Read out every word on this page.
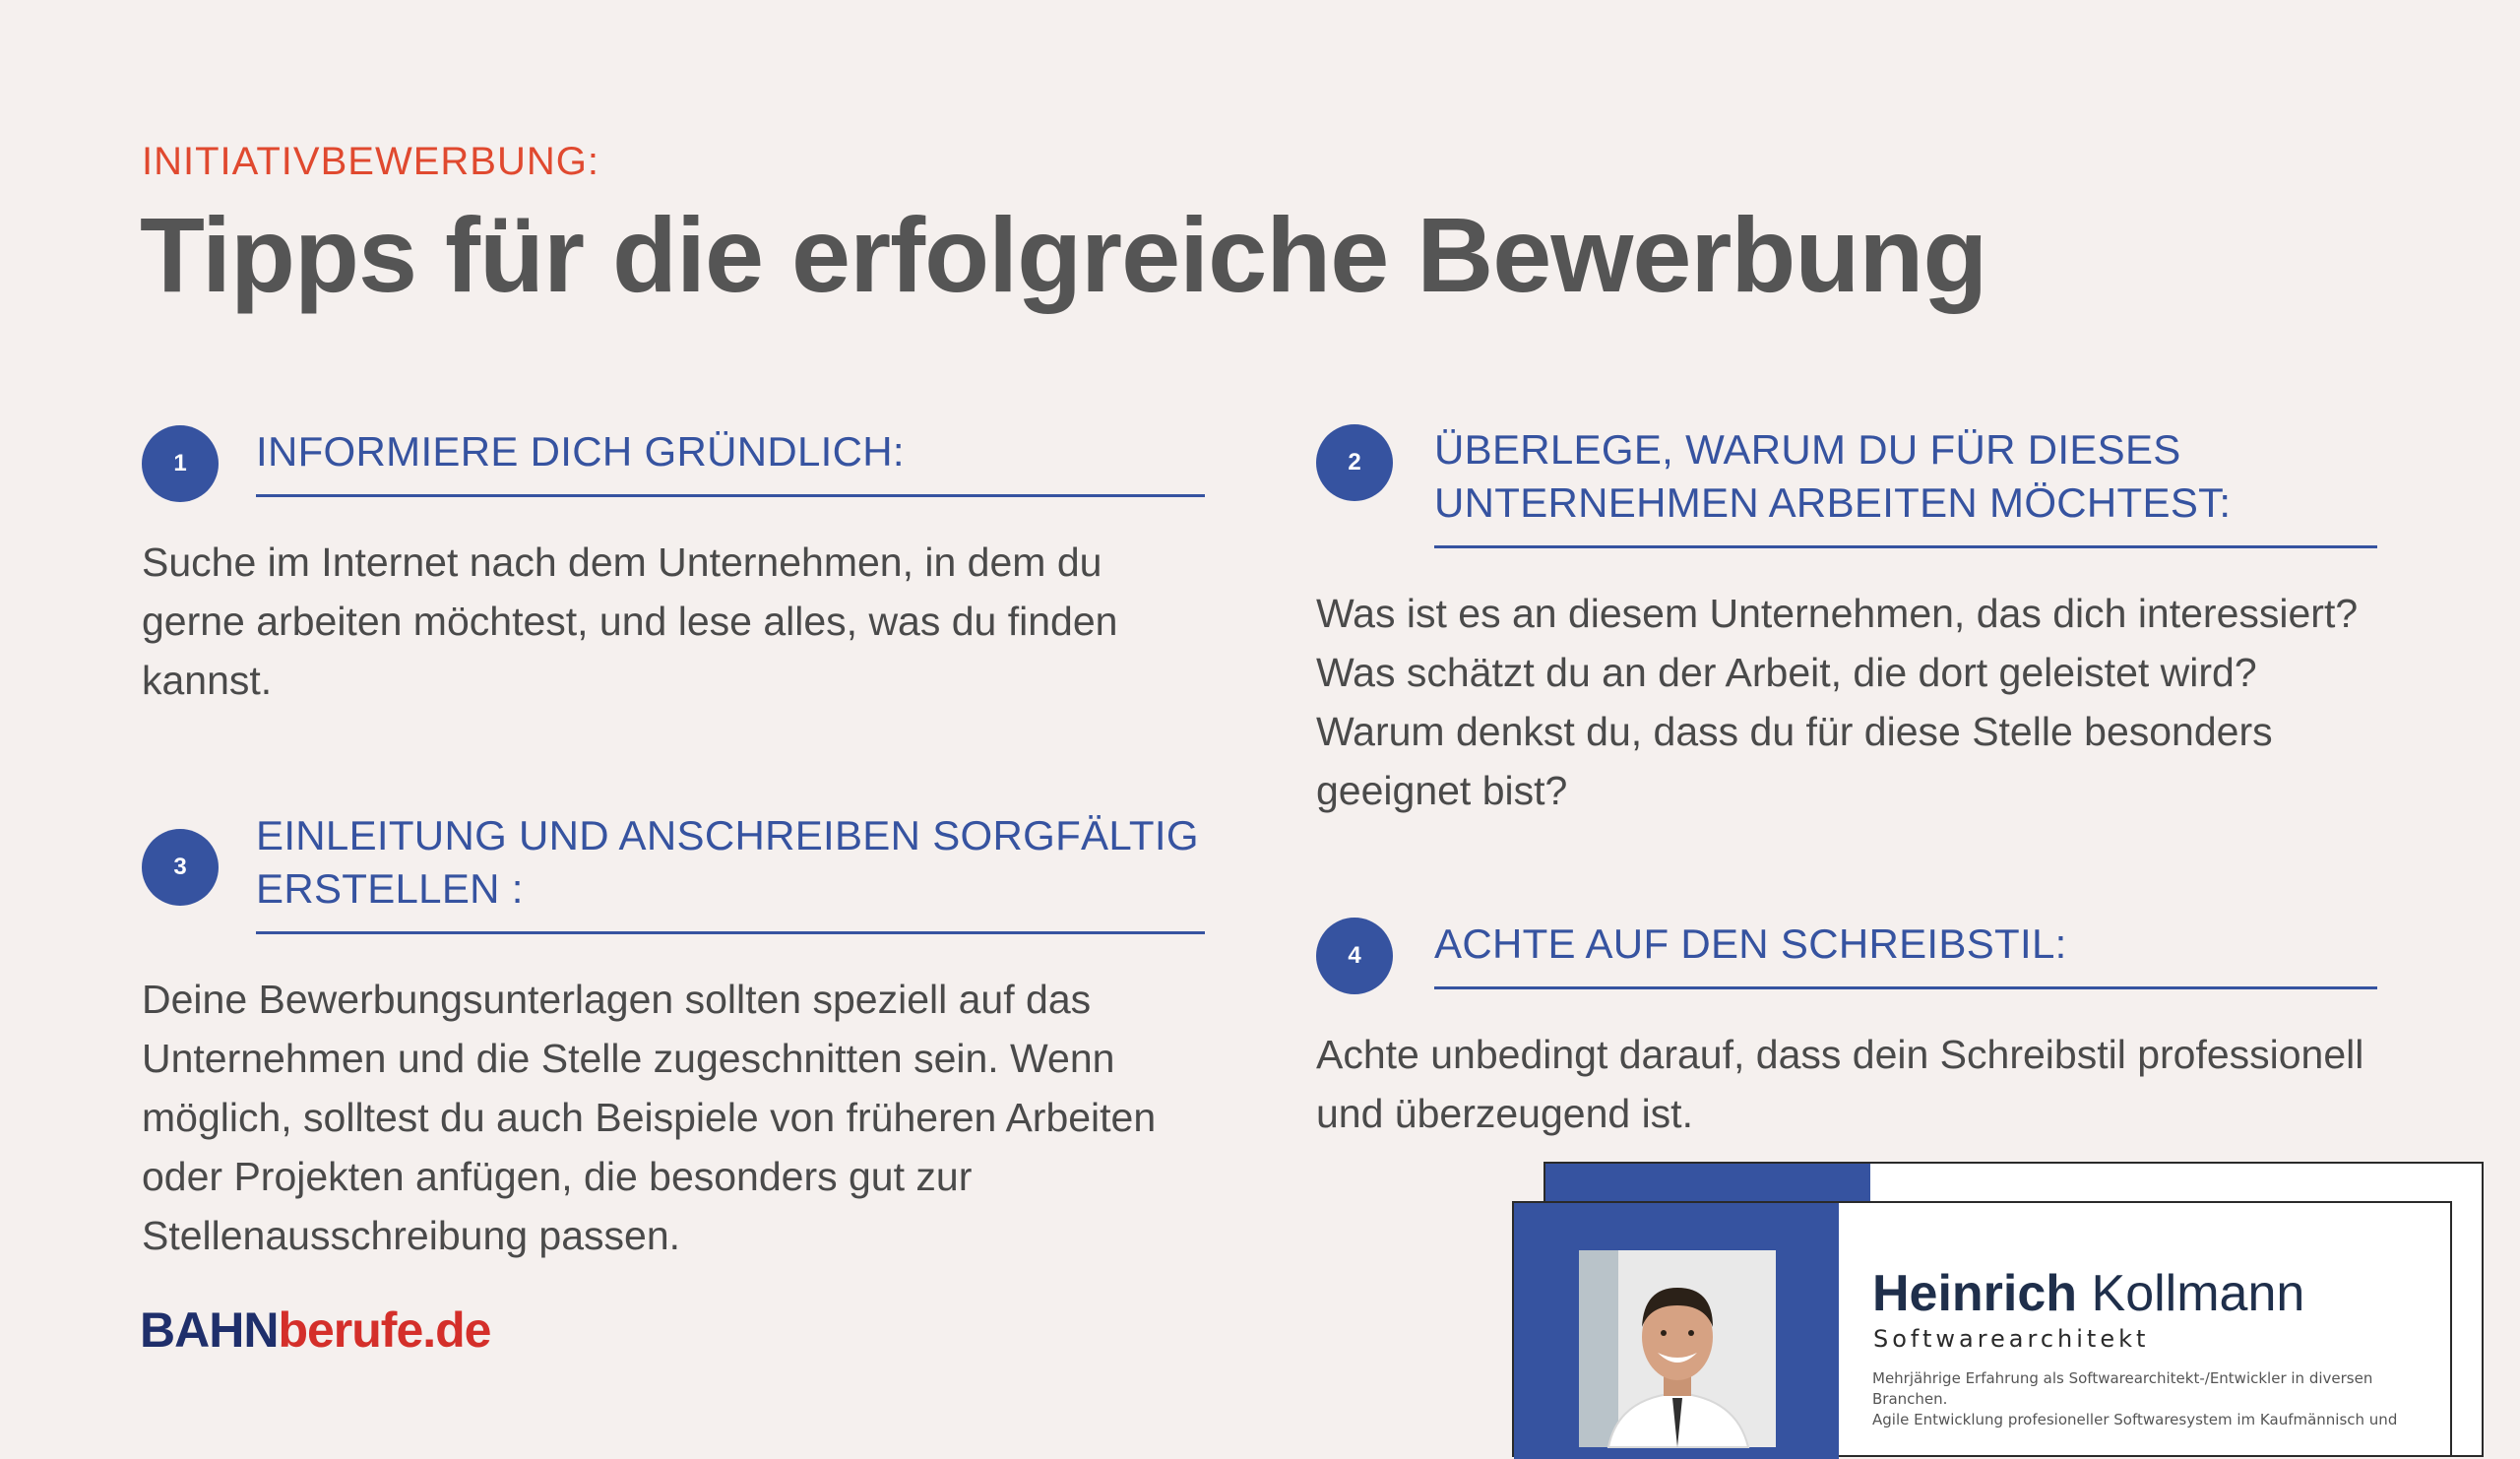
INITIATIVBEWERBUNG:
Tipps für die erfolgreiche Bewerbung
1	INFORMIERE DICH GRÜNDLICH:
Suche im Internet nach dem Unternehmen, in dem du gerne arbeiten möchtest, und lese alles, was du finden kannst.
2	ÜBERLEGE, WARUM DU FÜR DIESES UNTERNEHMEN ARBEITEN MÖCHTEST:
Was ist es an diesem Unternehmen, das dich interessiert? Was schätzt du an der Arbeit, die dort geleistet wird? Warum denkst du, dass du für diese Stelle besonders geeignet bist?
3
EINLEITUNG UND ANSCHREIBEN SORGFÄLTIG ERSTELLEN :
Deine Bewerbungsunterlagen sollten speziell auf das Unternehmen und die Stelle zugeschnitten sein. Wenn möglich, solltest du auch Beispiele von früheren Arbeiten oder Projekten anfügen, die besonders gut zur Stellenausschreibung passen.
4	ACHTE AUF DEN SCHREIBSTIL:
Achte unbedingt darauf, dass dein Schreibstil professionell und überzeugend ist.
BAHNberufe.de
Heinrich Kollmann
Softwarearchitekt
Mehrjährige Erfahrung als Softwarearchitekt-/Entwickler in diversen Branchen.
Agile Entwicklung profesioneller Softwaresystem im Kaufmännisch und
